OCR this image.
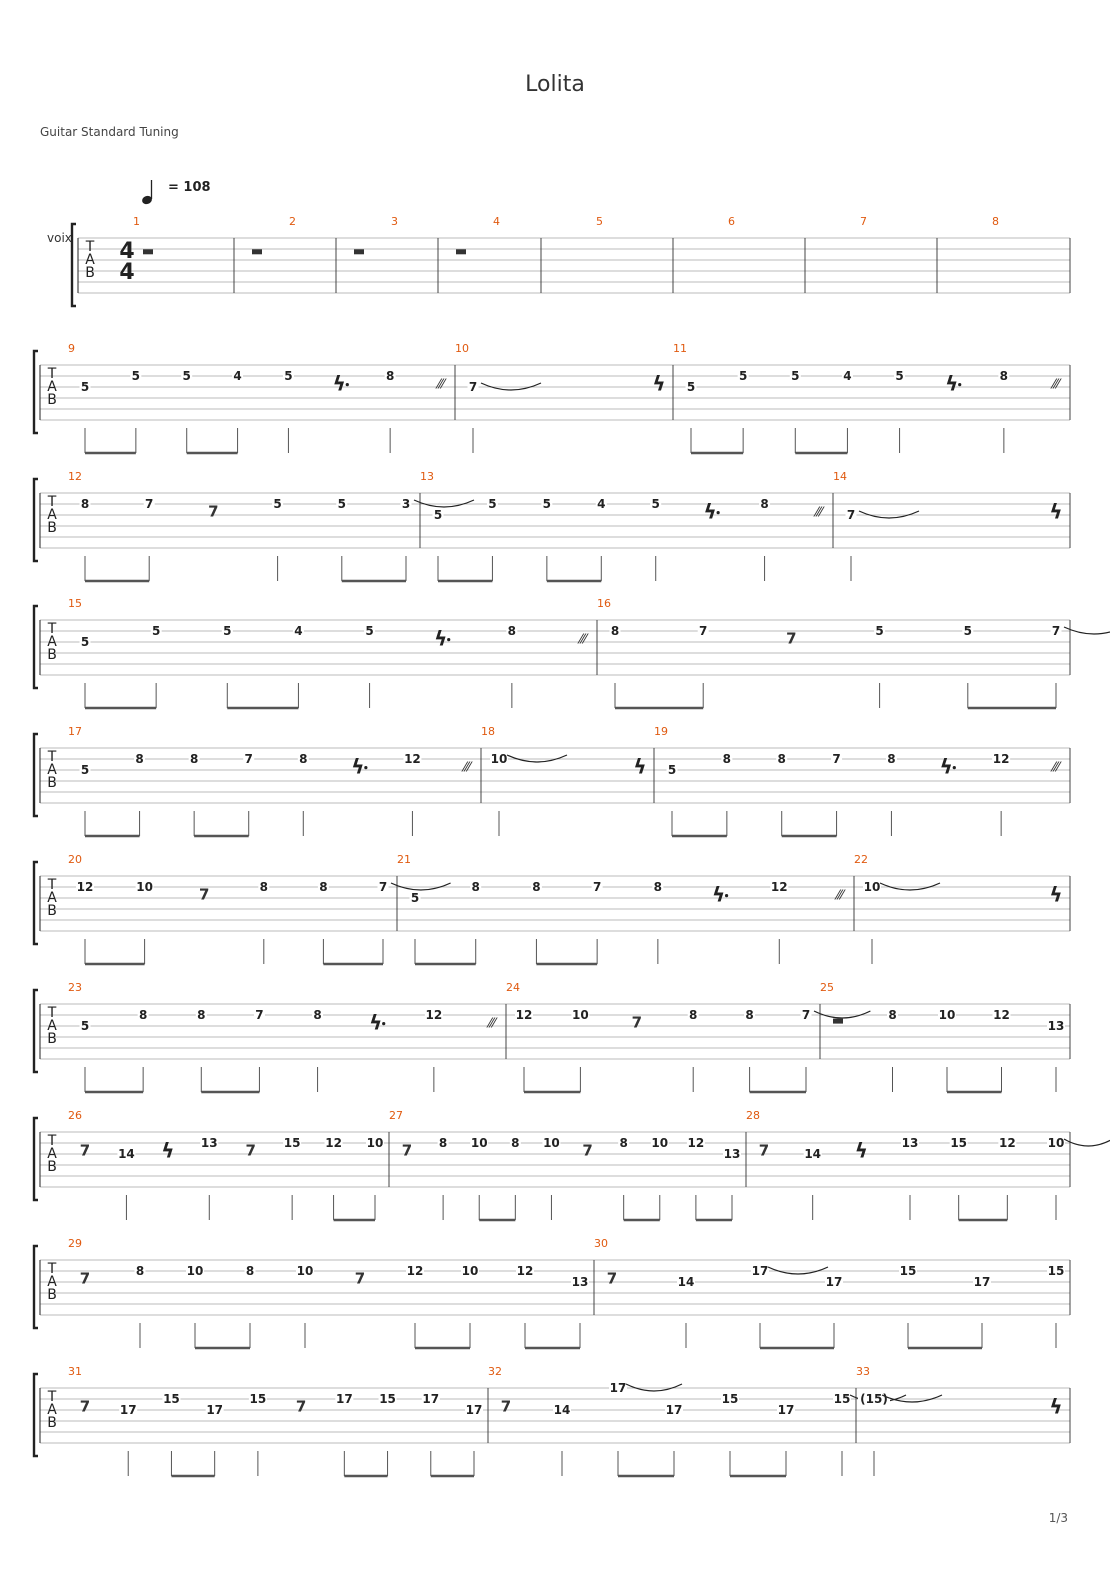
Lolita
Guitar Standard Tuning
= 108
voix
T
A
B
4
4
1	2	3	4	5	6	7	8
T
A
B
9
5
5	5	4	5 ϟ	8
⁄⁄⁄
10
7	ϟ
11
5
5	5	4	5 ϟ	8
⁄⁄⁄
T
A
B
12
8	7	7	5	5	3
13
5
5	5	4	5 ϟ	8
⁄⁄⁄
14
7	ϟ
T
A
B
15
5
5	5	4	5	ϟ	8
⁄⁄⁄
16
8	7	7	5	5	7
T
A
B
17
5
8	8	7	8 ϟ	12
⁄⁄⁄
18
10	ϟ
19
5
8	8	7	8 ϟ	12
⁄⁄⁄
T
A
B
20
12	10	7	8	8	7
21
5
8	8	7	8 ϟ	12
⁄⁄⁄
22
10	ϟ
T
A
B
23
5
8	8	7	8 ϟ	12
⁄⁄⁄
24
12	10	7	8	8	7
25
8	10	12
13
T
A
B
26
7 14 ϟ 13 7 15 12 10
27
7 8 10 8 10 7 8 10 12
13
28
7	14 ϟ	13	15	12	10
T
A
B
29
7	8	10	8	10	7	12	10	12
13
30
7	14
17
17
15
17
15
T
A
B
31
7 17
15
17
15 7 17 15 17
17
32
7	14
17
17
15
17
15
33
(15)	ϟ
1/3
